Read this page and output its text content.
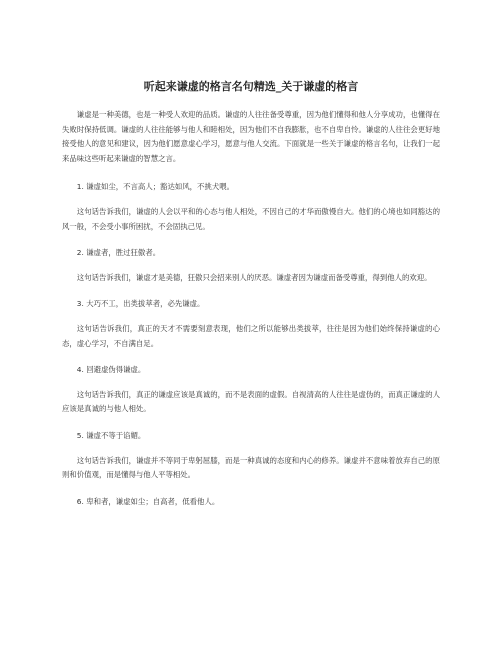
听起来谦虚的格言名句精选_关于谦虚的格言

谦虚是一种美德，也是一种受人欢迎的品质。谦虚的人往往备受尊重，因为他们懂得和他人分享成功，也懂得在失败时保持低调。谦虚的人往往能够与他人和睦相处，因为他们不自我膨胀，也不自卑自怜。谦虚的人往往会更好地接受他人的意见和建议，因为他们愿意虚心学习，愿意与他人交流。下面就是一些关于谦虚的格言名句，让我们一起来品味这些听起来谦虚的智慧之言。

1. 谦虚如尘，不言高人；豁达如风，不挑犬喂。

这句话告诉我们，谦虚的人会以平和的心态与他人相处，不因自己的才华而傲慢自大。他们的心境也如同豁达的风一般，不会受小事所困扰，不会固执己见。

2. 谦虚者，胜过狂傲者。

这句话告诉我们，谦虚才是美德，狂傲只会招来别人的厌恶。谦虚者因为谦虚而备受尊重，得到他人的欢迎。

3. 大巧不工，出类拔萃者，必先谦虚。

这句话告诉我们，真正的天才不需要刻意表现，他们之所以能够出类拔萃，往往是因为他们始终保持谦虚的心态，虚心学习，不自满自足。

4. 回避虚伪得谦虚。

这句话告诉我们，真正的谦虚应该是真诚的，而不是表面的虚假。自视清高的人往往是虚伪的，而真正谦虚的人应该是真诚的与他人相处。

5. 谦虚不等于谄媚。

这句话告诉我们，谦虚并不等同于卑躬屈膝，而是一种真诚的态度和内心的修养。谦虚并不意味着放弃自己的原则和价值观，而是懂得与他人平等相处。

6. 卑和者，谦虚如尘；自高者，低看他人。
